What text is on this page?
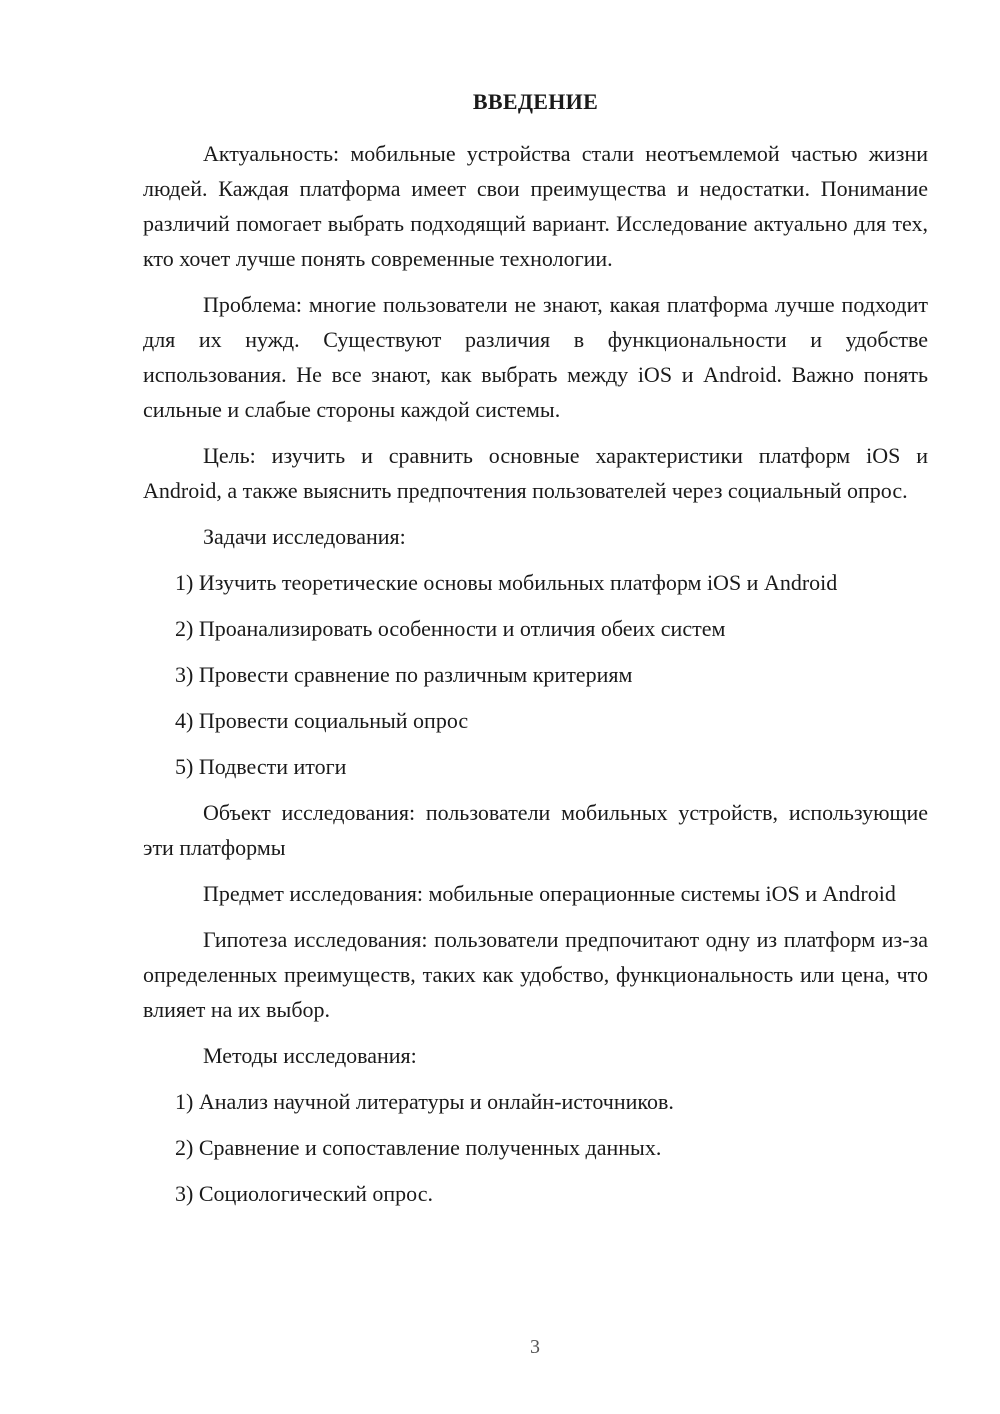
ВВЕДЕНИЕ

Актуальность: мобильные устройства стали неотъемлемой частью жизни людей. Каждая платформа имеет свои преимущества и недостатки. Понимание различий помогает выбрать подходящий вариант. Исследование актуально для тех, кто хочет лучше понять современные технологии.

Проблема: многие пользователи не знают, какая платформа лучше подходит для их нужд. Существуют различия в функциональности и удобстве использования. Не все знают, как выбрать между iOS и Android. Важно понять сильные и слабые стороны каждой системы.

Цель: изучить и сравнить основные характеристики платформ iOS и Android, а также выяснить предпочтения пользователей через социальный опрос.

Задачи исследования:

1) Изучить теоретические основы мобильных платформ iOS и Android
2) Проанализировать особенности и отличия обеих систем
3) Провести сравнение по различным критериям
4) Провести социальный опрос
5) Подвести итоги

Объект исследования: пользователи мобильных устройств, использующие эти платформы

Предмет исследования: мобильные операционные системы iOS и Android

Гипотеза исследования: пользователи предпочитают одну из платформ из-за определенных преимуществ, таких как удобство, функциональность или цена, что влияет на их выбор.

Методы исследования:

1) Анализ научной литературы и онлайн-источников.
2) Сравнение и сопоставление полученных данных.
3) Социологический опрос.
3
